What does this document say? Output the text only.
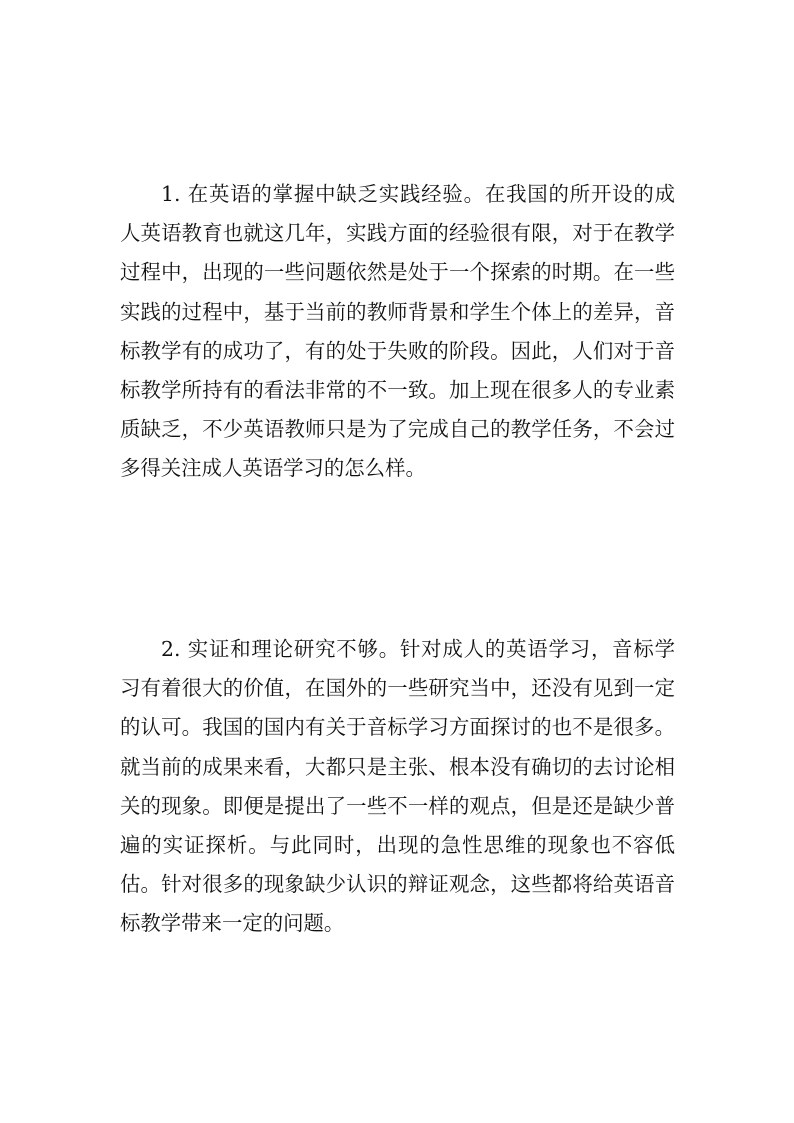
1. 在英语的掌握中缺乏实践经验。在我国的所开设的成人英语教育也就这几年，实践方面的经验很有限，对于在教学过程中，出现的一些问题依然是处于一个探索的时期。在一些实践的过程中，基于当前的教师背景和学生个体上的差异，音标教学有的成功了，有的处于失败的阶段。因此，人们对于音标教学所持有的看法非常的不一致。加上现在很多人的专业素质缺乏，不少英语教师只是为了完成自己的教学任务，不会过多得关注成人英语学习的怎么样。

2. 实证和理论研究不够。针对成人的英语学习，音标学习有着很大的价值，在国外的一些研究当中，还没有见到一定的认可。我国的国内有关于音标学习方面探讨的也不是很多。就当前的成果来看，大都只是主张、根本没有确切的去讨论相关的现象。即便是提出了一些不一样的观点，但是还是缺少普遍的实证探析。与此同时，出现的急性思维的现象也不容低估。针对很多的现象缺少认识的辩证观念，这些都将给英语音标教学带来一定的问题。
